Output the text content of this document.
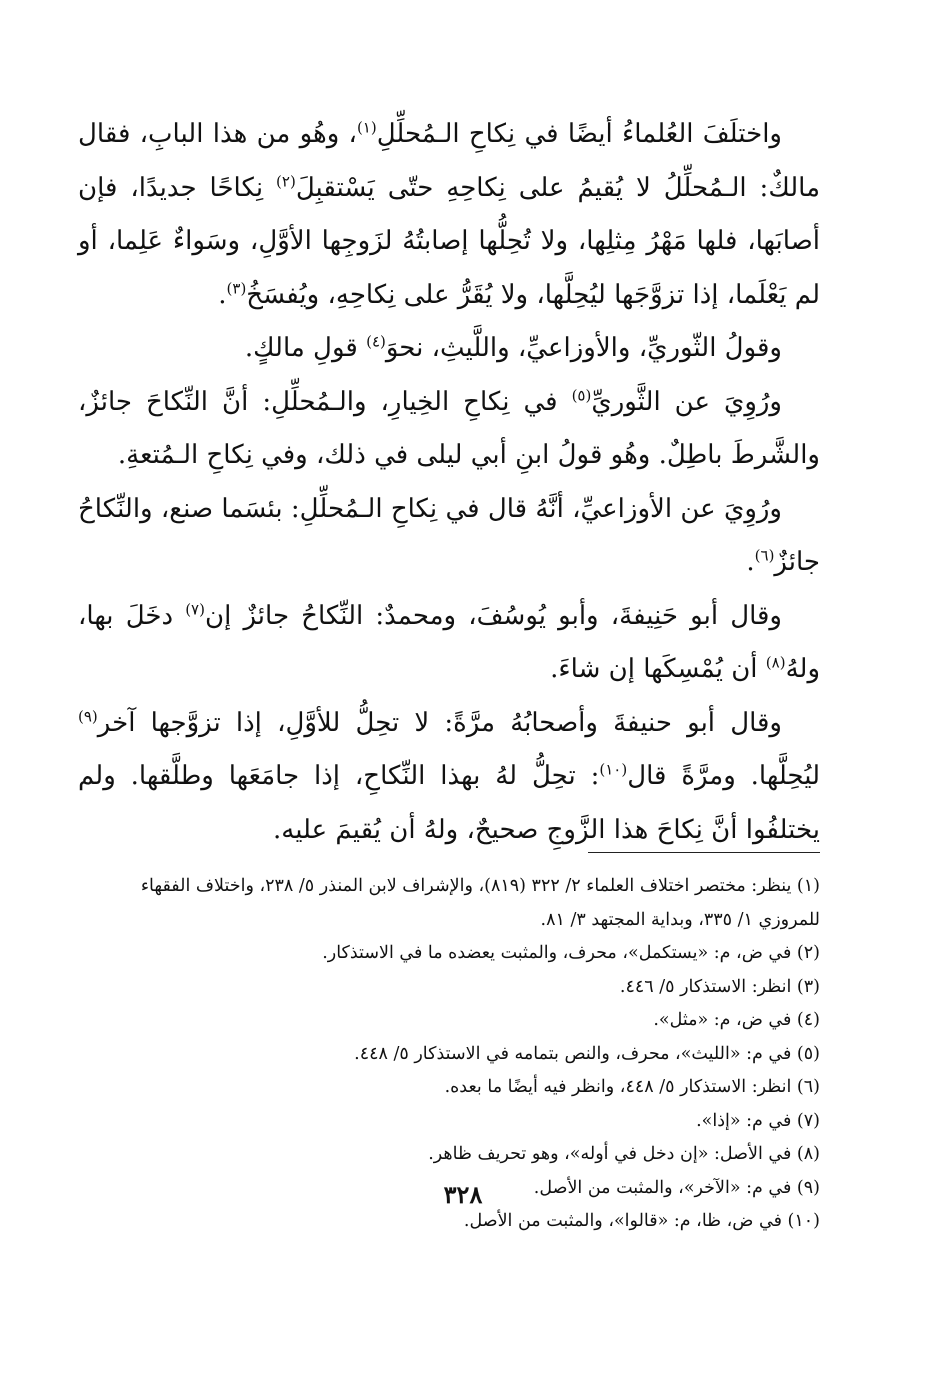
واختلَفَ العُلماءُ أيضًا في نِكاحِ الـمُحلِّلِ$^{(١)}$، وهُو من هذا البابِ، فقال مالكٌ: الـمُحلِّلُ لا يُقيمُ على نِكاحِهِ حتّى يَسْتقبِلَ$^{(٢)}$ نِكاحًا جديدًا، فإن أصابَها، فلها مَهْرُ مِثلِها، ولا تُحِلُّها إصابتُهُ لزَوجِها الأوَّلِ، وسَواءٌ عَلِما، أو لم يَعْلَما، إذا تزوَّجَها ليُحِلَّها، ولا يُقَرُّ على نِكاحِهِ، ويُفسَخُ$^{(٣)}$.

وقولُ الثّوريِّ، والأوزاعيِّ، واللَّيثِ، نحوَ$^{(٤)}$ قولِ مالكٍ.

ورُوِيَ عن الثَّوريِّ$^{(٥)}$ في نِكاحِ الخِيارِ، والـمُحلِّلِ: أنَّ النِّكاحَ جائزٌ، والشَّرطَ باطِلٌ. وهُو قولُ ابنِ أبي ليلى في ذلك، وفي نِكاحِ الـمُتعةِ.

ورُوِيَ عن الأوزاعيِّ، أنَّهُ قال في نِكاحِ الـمُحلِّلِ: بئسَما صنع، والنِّكاحُ جائزٌ$^{(٦)}$.

وقال أبو حَنِيفةَ، وأبو يُوسُفَ، ومحمدٌ: النِّكاحُ جائزٌ إن$^{(٧)}$ دخَلَ بها، ولهُ$^{(٨)}$ أن يُمْسِكَها إن شاءَ.

وقال أبو حنيفةَ وأصحابُهُ مرَّةً: لا تحِلُّ للأوَّلِ، إذا تزوَّجها آخر$^{(٩)}$ ليُحِلَّها. ومرَّةً قال$^{(١٠)}$: تحِلُّ لهُ بهذا النِّكاحِ، إذا جامَعَها وطلَّقها. ولم يختلفُوا أنَّ نِكاحَ هذا الزَّوجِ صحيحٌ، ولهُ أن يُقيمَ عليه.

(١) ينظر: مختصر اختلاف العلماء ٢/ ٣٢٢ (٨١٩)، والإشراف لابن المنذر ٥/ ٢٣٨، واختلاف الفقهاء للمروزي ١/ ٣٣٥، وبداية المجتهد ٣/ ٨١.

(٢) في ض، م: «يستكمل»، محرف، والمثبت يعضده ما في الاستذكار.

(٣) انظر: الاستذكار ٥/ ٤٤٦.

(٤) في ض، م: «مثل».

(٥) في م: «الليث»، محرف، والنص بتمامه في الاستذكار ٥/ ٤٤٨.

(٦) انظر: الاستذكار ٥/ ٤٤٨، وانظر فيه أيضًا ما بعده.

(٧) في م: «إذا».

(٨) في الأصل: «إن دخل في أوله»، وهو تحريف ظاهر.

(٩) في م: «الآخر»، والمثبت من الأصل.

(١٠) في ض، ظا، م: «قالوا»، والمثبت من الأصل.

٣٢٨
